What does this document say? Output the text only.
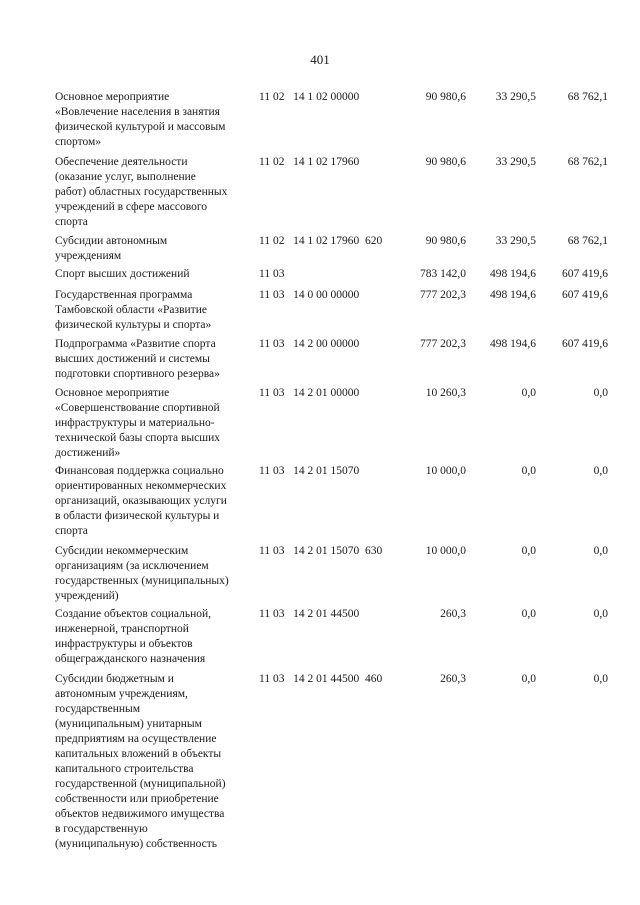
401
Основное мероприятие
«Вовлечение населения в занятия
физической культурой и массовым
спортом»
11 02   14 1 02 00000	90 980,6	33 290,5	68 762,1
Обеспечение деятельности
(оказание услуг, выполнение
работ) областных государственных
учреждений в сфере массового
спорта
11 02   14 1 02 17960	90 980,6	33 290,5	68 762,1
Субсидии автономным
учреждениям
11 02   14 1 02 17960  620	90 980,6	33 290,5	68 762,1
Спорт высших достижений	11 03	783 142,0	498 194,6	607 419,6
Государственная программа
Тамбовской области «Развитие
физической культуры и спорта»
11 03   14 0 00 00000	777 202,3	498 194,6	607 419,6
Подпрограмма «Развитие спорта
высших достижений и системы
подготовки спортивного резерва»
11 03   14 2 00 00000	777 202,3	498 194,6	607 419,6
Основное мероприятие
«Совершенствование спортивной
инфраструктуры и материально-
технической базы спорта высших
достижений»
11 03   14 2 01 00000	10 260,3	0,0	0,0
Финансовая поддержка социально
ориентированных некоммерческих
организаций, оказывающих услуги
в области физической культуры и
спорта
11 03   14 2 01 15070	10 000,0	0,0	0,0
Субсидии некоммерческим
организациям (за исключением
государственных (муниципальных)
учреждений)
11 03   14 2 01 15070  630	10 000,0	0,0	0,0
Создание объектов социальной,
инженерной, транспортной
инфраструктуры и объектов
общегражданского назначения
11 03   14 2 01 44500	260,3	0,0	0,0
Субсидии бюджетным и
автономным учреждениям,
государственным
(муниципальным) унитарным
предприятиям на осуществление
капитальных вложений в объекты
капитального строительства
государственной (муниципальной)
собственности или приобретение
объектов недвижимого имущества
в государственную
(муниципальную) собственность
11 03   14 2 01 44500  460	260,3	0,0	0,0
